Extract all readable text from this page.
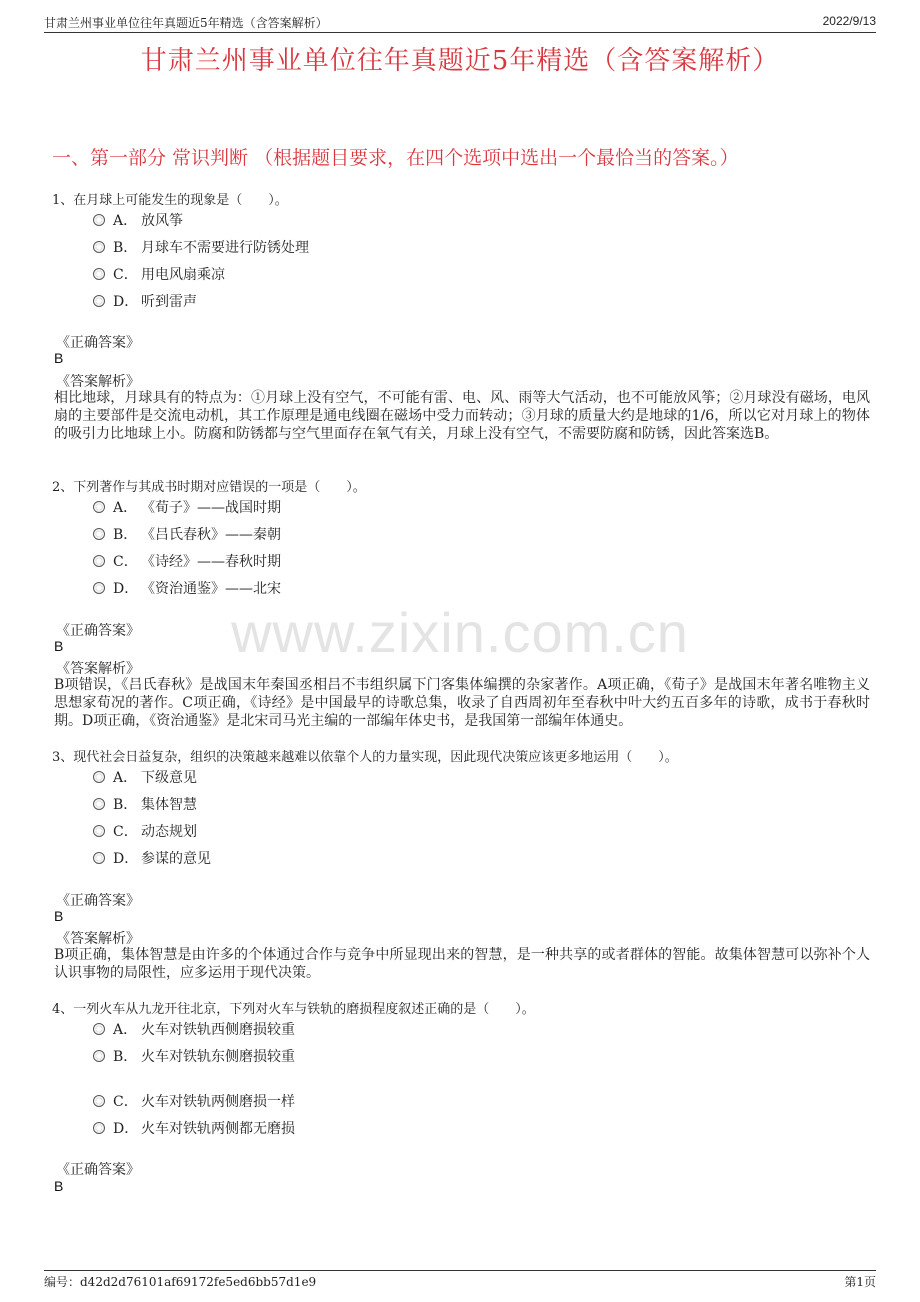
甘肃兰州事业单位往年真题近5年精选（含答案解析）	2022/9/13
甘肃兰州事业单位往年真题近5年精选（含答案解析）
一、第一部分 常识判断 （根据题目要求，在四个选项中选出一个最恰当的答案。）
www.zixin.com.cn
1、在月球上可能发生的现象是（　　）。
A． 放风筝
B． 月球车不需要进行防锈处理
C． 用电风扇乘凉
D． 听到雷声
《正确答案》
B
《答案解析》
相比地球，月球具有的特点为：①月球上没有空气，不可能有雷、电、风、雨等大气活动，也不可能放风筝；②月球没有磁场，电风扇的主要部件是交流电动机，其工作原理是通电线圈在磁场中受力而转动；③月球的质量大约是地球的1/6，所以它对月球上的物体的吸引力比地球上小。防腐和防锈都与空气里面存在氧气有关，月球上没有空气，不需要防腐和防锈，因此答案选B。
2、下列著作与其成书时期对应错误的一项是（　　）。
A． 《荀子》——战国时期
B． 《吕氏春秋》——秦朝
C． 《诗经》——春秋时期
D． 《资治通鉴》——北宋
《正确答案》
B
《答案解析》
B项错误，《吕氏春秋》是战国末年秦国丞相吕不韦组织属下门客集体编撰的杂家著作。A项正确，《荀子》是战国末年著名唯物主义思想家荀况的著作。C项正确，《诗经》是中国最早的诗歌总集，收录了自西周初年至春秋中叶大约五百多年的诗歌，成书于春秋时期。D项正确，《资治通鉴》是北宋司马光主编的一部编年体史书，是我国第一部编年体通史。
3、现代社会日益复杂，组织的决策越来越难以依靠个人的力量实现，因此现代决策应该更多地运用（　　）。
A． 下级意见
B． 集体智慧
C． 动态规划
D． 参谋的意见
《正确答案》
B
《答案解析》
B项正确，集体智慧是由许多的个体通过合作与竞争中所显现出来的智慧，是一种共享的或者群体的智能。故集体智慧可以弥补个人认识事物的局限性，应多运用于现代决策。
4、一列火车从九龙开往北京，下列对火车与铁轨的磨损程度叙述正确的是（　　）。
A． 火车对铁轨西侧磨损较重
B． 火车对铁轨东侧磨损较重
C． 火车对铁轨两侧磨损一样
D． 火车对铁轨两侧都无磨损
《正确答案》
B
编号：d42d2d76101af69172fe5ed6bb57d1e9	第1页
